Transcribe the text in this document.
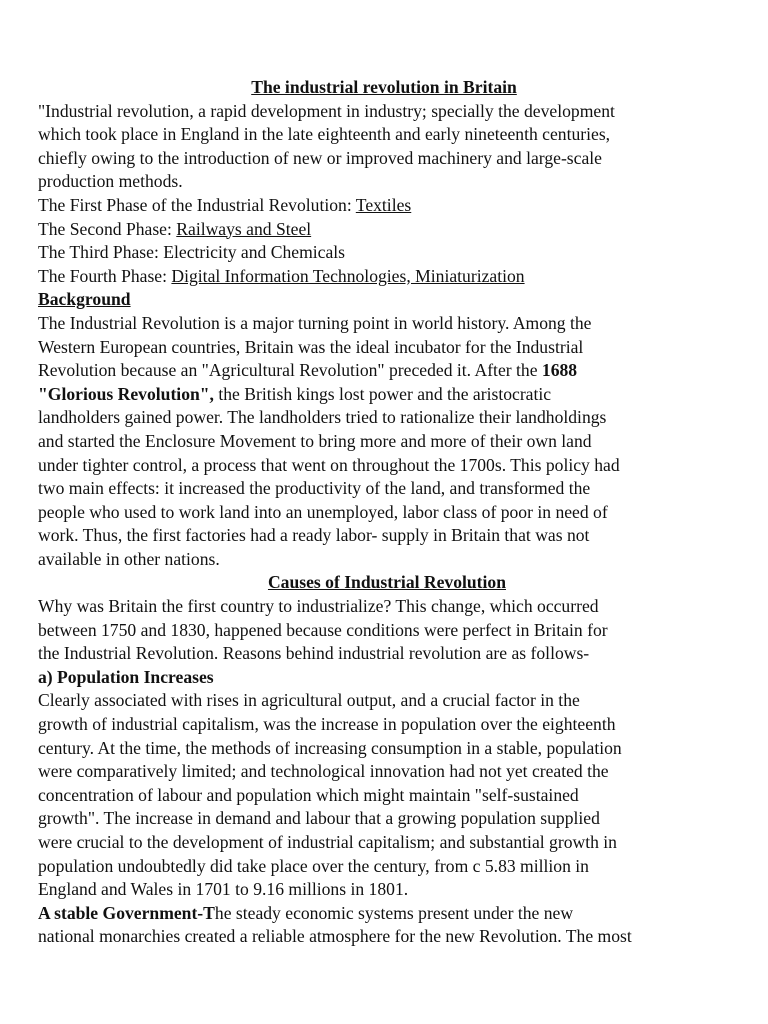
The industrial revolution in Britain
"Industrial revolution, a rapid development in industry; specially the development
which took place in England in the late eighteenth and early nineteenth centuries,
chiefly owing to the introduction of new or improved machinery and large-scale
production methods.
The First Phase of the Industrial Revolution: Textiles
The Second Phase: Railways and Steel
The Third Phase: Electricity and Chemicals
The Fourth Phase: Digital Information Technologies, Miniaturization
Background
The Industrial Revolution is a major turning point in world history. Among the
Western European countries, Britain was the ideal incubator for the Industrial
Revolution because an "Agricultural Revolution" preceded it. After the 1688
"Glorious Revolution", the British kings lost power and the aristocratic
landholders gained power. The landholders tried to rationalize their landholdings
and started the Enclosure Movement to bring more and more of their own land
under tighter control, a process that went on throughout the 1700s. This policy had
two main effects: it increased the productivity of the land, and transformed the
people who used to work land into an unemployed, labor class of poor in need of
work. Thus, the first factories had a ready labor- supply in Britain that was not
available in other nations.
Causes of Industrial Revolution
Why was Britain the first country to industrialize? This change, which occurred
between 1750 and 1830, happened because conditions were perfect in Britain for
the Industrial Revolution. Reasons behind industrial revolution are as follows-
a) Population Increases
Clearly associated with rises in agricultural output, and a crucial factor in the
growth of industrial capitalism, was the increase in population over the eighteenth
century. At the time, the methods of increasing consumption in a stable, population
were comparatively limited; and technological innovation had not yet created the
concentration of labour and population which might maintain "self-sustained
growth". The increase in demand and labour that a growing population supplied
were crucial to the development of industrial capitalism; and substantial growth in
population undoubtedly did take place over the century, from c 5.83 million in
England and Wales in 1701 to 9.16 millions in 1801.
A stable Government-The steady economic systems present under the new
national monarchies created a reliable atmosphere for the new Revolution. The most
